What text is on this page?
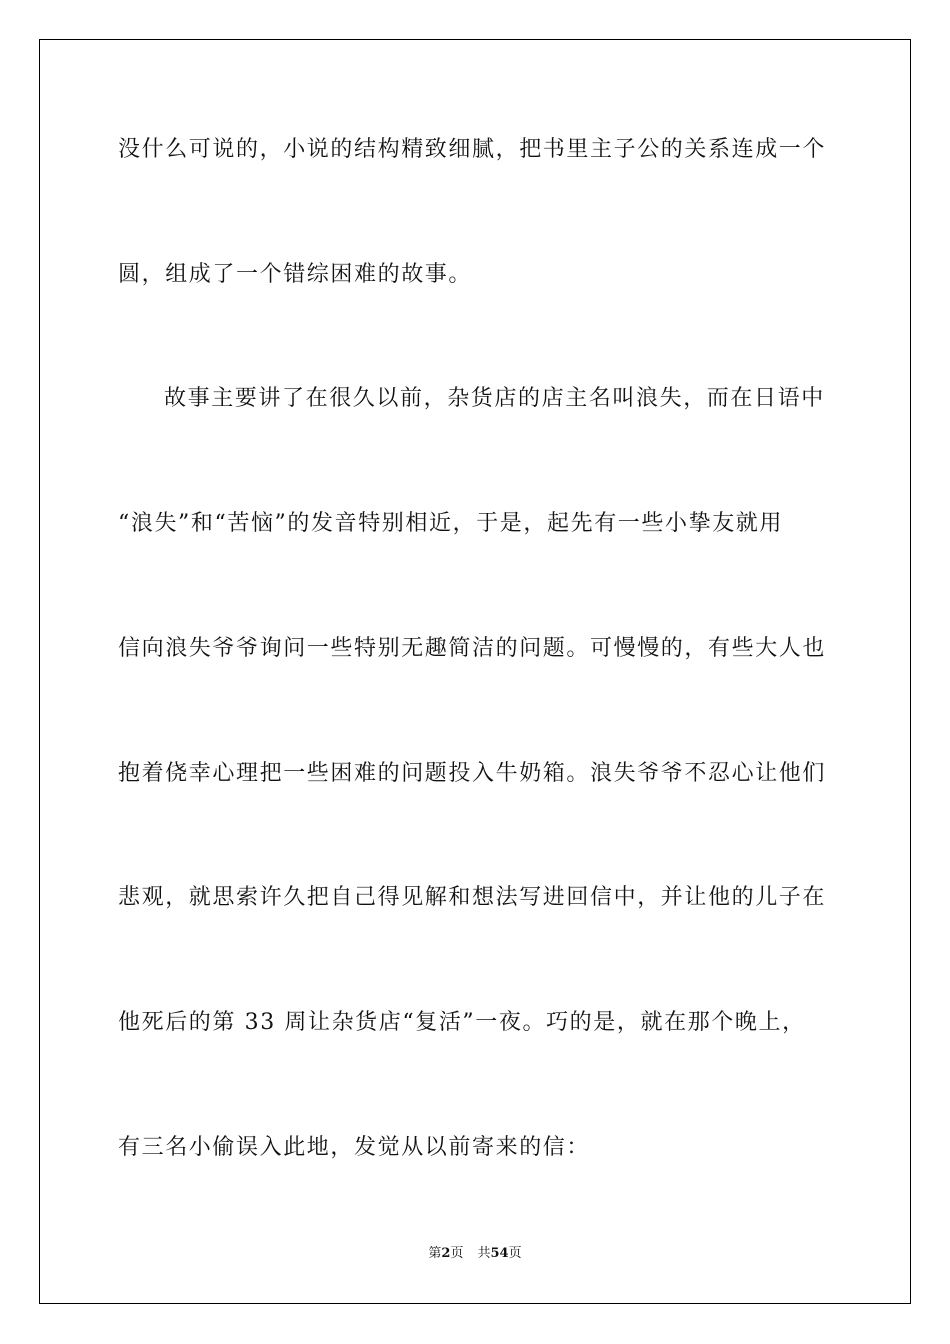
没什么可说的，小说的结构精致细腻，把书里主子公的关系连成一个
圆，组成了一个错综困难的故事。
故事主要讲了在很久以前，杂货店的店主名叫浪失，而在日语中
“浪失”和“苦恼”的发音特别相近，于是，起先有一些小挚友就用
信向浪失爷爷询问一些特别无趣简洁的问题。可慢慢的，有些大人也
抱着侥幸心理把一些困难的问题投入牛奶箱。浪失爷爷不忍心让他们
悲观，就思索许久把自己得见解和想法写进回信中，并让他的儿子在
他死后的第 33 周让杂货店“复活”一夜。巧的是，就在那个晚上，
有三名小偷误入此地，发觉从以前寄来的信：
第2页 共54页
